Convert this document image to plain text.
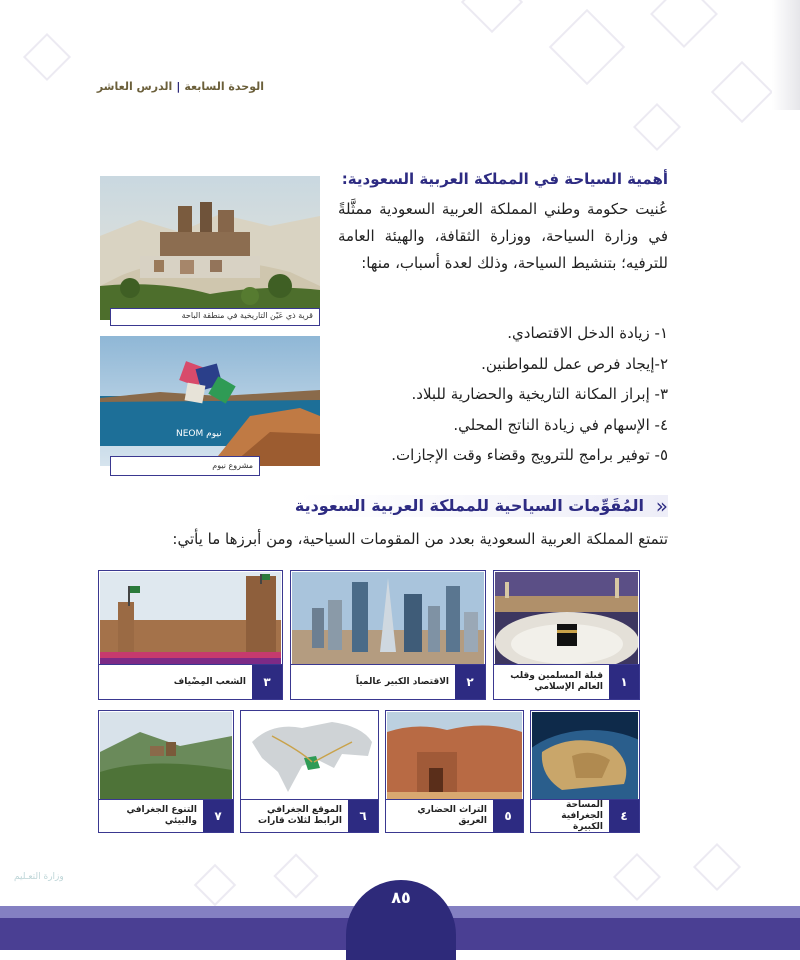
الوحدة السابعة|الدرس العاشر
قرية ذي عَيْن التاريخية في منطقة الباحة
NEOM نيوم
مشروع نيوم
أهمية السياحة في المملكة العربية السعودية:

عُنيت حكومة وطني المملكة العربية السعودية ممثَّلةً في وزارة السياحة، ووزارة الثقافة، والهيئة العامة للترفيه؛ بتنشيط السياحة، وذلك لعدة أسباب، منها:

١- زيادة الدخل الاقتصادي.
٢-إيجاد فرص عمل للمواطنين.
٣- إبراز المكانة التاريخية والحضارية للبلاد.
٤- الإسهام في زيادة الناتج المحلي.
٥- توفير برامج للترويج وقضاء وقت الإجازات.
«
المُقَوِّمات السياحية للمملكة العربية السعودية
تتمتع المملكة العربية السعودية بعدد من المقومات السياحية، ومن أبرزها ما يأتي:
١
قبلة المسلمين وقلب العالم الإسلامي
٢
الاقتصاد الكبير عالمياً
٣
الشعب المِضْياف
٤
المساحة الجغرافية الكبيرة
٥
التراث الحضاري العريق
٦
الموقع الجغرافي الرابط لثلاث قارات
٧
التنوع الجغرافي والبيئي
وزارة التعـليم
٨٥
